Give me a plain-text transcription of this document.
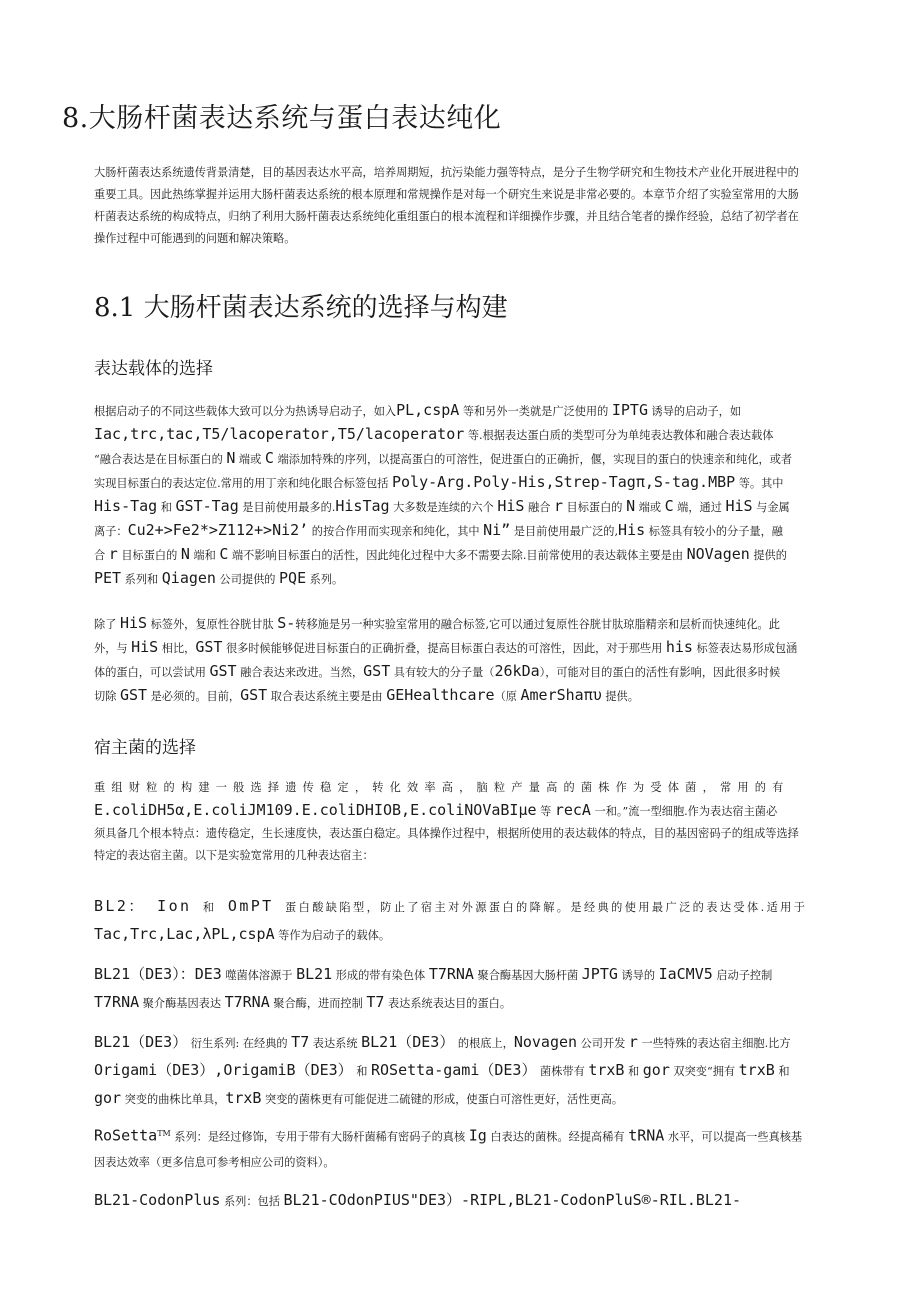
8.大肠杆菌表达系统与蛋白表达纯化
大肠杆菌表达系统遗传背景清楚，目的基因表达水平高，培养周期短，抗污染能力强等特点，是分子生物学研究和生物技术产业化开展进程中的
重要工具。因此热练掌握并运用大肠杆菌表达系统的根本原理和常规操作是对每一个研究生来说是非常必要的。本章节介绍了实验室常用的大肠
杆菌表达系统的构成特点，归纳了利用大肠杆菌表达系统纯化重组蛋白的根本流程和详细操作步骤，并且结合笔者的操作经验，总结了初学者在
操作过程中可能遇到的问题和解决策略。
8.1 大肠杆菌表达系统的选择与构建
表达载体的选择
根据启动子的不同这些载体大致可以分为热诱导启动子，如入PL,cspA 等和另外一类就是广泛使用的 IPTG 诱导的启动子，如
Iac,trc,tac,T5/lacoperator,T5/lacoperator 等.根据表达蛋白质的类型可分为单纯表达教体和融合表达载体
“融合表达是在目标蛋白的 N 端或 C 端添加特殊的序列，以提高蛋白的可溶性，促进蛋白的正确折，偃，实现目的蛋白的快速亲和纯化，或者
实现目标蛋白的表达定位.常用的用丁亲和纯化眼合标签包括 Poly-Arg.Poly-His,Strep-Tagπ,S-tag.MBP 等。其中
His-Tag 和 GST-Tag 是目前使用最多的.HisTag 大多数是连续的六个 HiS 融合 r 目标蛋白的 N 端或 C 端，通过 HiS 与金属
离子：Cu2+>Fe2*>Z112+>Ni2’ 的按合作用而实现亲和纯化，其中 Ni” 是目前使用最广泛的,His 标签具有较小的分子量，融
合 r 目标蛋白的 N 端和 C 端不影响目标蛋白的活性，因此纯化过程中大多不需要去除.目前常使用的表达载体主要是由 NOVagen 提供的
PET 系列和 Qiagen 公司提供的 PQE 系列。
除了 HiS 标签外，复原性谷胱甘肽 S-转移施是另一种实验室常用的融合标签,它可以通过复原性谷胱甘肽琼脂精亲和层析而快速纯化。此
外，与 HiS 相比，GST 很多时候能够促进目标蛋白的正确折叠，提高目标蛋白表达的可溶性，因此，对于那些用 his 标签表达易形成包涵
体的蛋白，可以尝试用 GST 融合表达来改进。当然，GST 具有较大的分子量（26kDa），可能对目的蛋白的活性有影响，因此很多时候
切除 GST 是必须的。目前，GST 取合表达系统主要是由 GEHealthcare（原 AmerShaπυ 提供。
宿主菌的选择
重组财粒的构建一般选择遗传稳定，转化效率高，脑粒产量高的菌株作为受体菌，常用的有
E.coliDH5α,E.coliJM109.E.coliDHIOB,E.coliNOVaBIμe 等 recA 一和。”流一型细胞.作为表达宿主菌必
须具备几个根本特点：遗传稳定，生长速度快，表达蛋白稳定。具体操作过程中，根据所使用的表达载体的特点，目的基因密码子的组成等选择
特定的表达宿主菌。以下是实验宽常用的几种表达宿主：
BL2： Ion 和 OmPT 蛋白酸缺陷型，防止了宿主对外源蛋白的降解。是经典的使用最广泛的表达受体.适用于
Tac,Trc,Lac,λPL,cspA 等作为启动子的载体。
BL21（DE3）：DE3 噬菌体溶源于 BL21 形成的带有染色体 T7RNA 聚合酶基因大肠杆菌 JPTG 诱导的 IaCMV5 启动子控制
T7RNA 聚介酶基因表达 T7RNA 聚合酶，进而控制 T7 表达系统表达目的蛋白。
BL21（DE3） 衍生系列: 在经典的 T7 表达系统 BL21（DE3） 的根底上，Novagen 公司开发 r 一些特殊的表达宿主细胞.比方
Origami（DE3）,OrigamiB（DE3） 和 ROSetta-gami（DE3） 菌株带有 trxB 和 gor 双突变“拥有 trxB 和
gor 突变的曲株比单具，trxB 突变的菌株更有可能促进二硫键的形成，使蛋白可溶性更好，活性更高。
RoSetta™ 系列：是经过修饰，专用于带有大肠杆菌稀有密码子的真核 Ig 白表达的菌株。经提高稀有 tRNA 水平，可以提高一些真核基
因表达效率（更多信息可参考相应公司的资料）。
BL21-CodonPlus 系列：包括 BL21-COdonPIUS"DE3）-RIPL,BL21-CodonPluS®-RIL.BL21-
